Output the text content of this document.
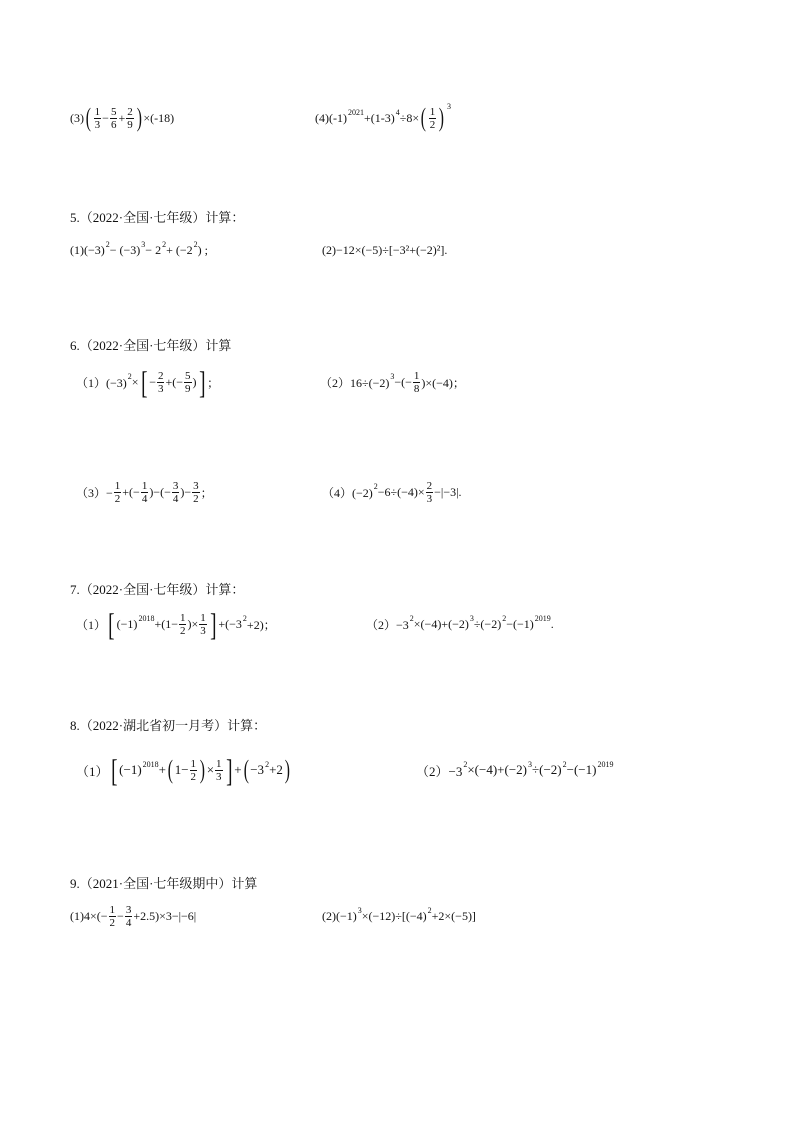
(3) ( $\frac{1}{3} - \frac{5}{6} + \frac{2}{9}$ ) ×(-18)	(4) (-1) 2021 +(1-3) 4 ÷8× ( $\frac{1}{2}$ ) 3
5.（2022·全国·七年级）计算：
(1) (−3) 2 − (−3) 3 − 2 2 + (−2 2 ) ;	(2)−12×(−5)÷[−3²+(−2)²].
6.（2022·全国·七年级）计算
（1）(−3) 2 × [ − $\frac{2}{3}$ +(− $\frac{5}{9}$ ) ] ；	（2）16÷(−2) 3 −(− $\frac{1}{8} )\times(-4)$；
$(3)- \frac{1}{2}$ +(− $\frac{1}{4}$ )−(− $\frac{3}{4}$ )− $\frac{3}{2}$ ；	（4）(−2) $2 -6\div(-4)\times \frac{2}{3} -|-3|$.
7.（2022·全国·七年级）计算：
（1） [ (−1) $2018 +(1- \frac{1}{2}$ )× $\frac{1}{3}$ ] +(−3 2 +2)；	（2）−3 2 ×(−4)+(−2) 3 ÷(−2) 2 −(−1) 2019 .
8.（2022·湖北省初一月考）计算：
（1） [ (−1) 2018 + ( $1- \frac{1}{2}$ ) × $\frac{1}{3}$ ] + ( −3 2 +2 )	（2）−3 2 ×(−4)+(−2) 3 ÷(−2) 2 −(−1) 2019
9.（2021·全国·七年级期中）计算
$(1)4\times(- \frac{1}{2} - \frac{3}{4} +2.5)\times 3-|-6|$	(2)(−1) 3 ×(−12)÷[(−4) 2 +2×(−5)]
